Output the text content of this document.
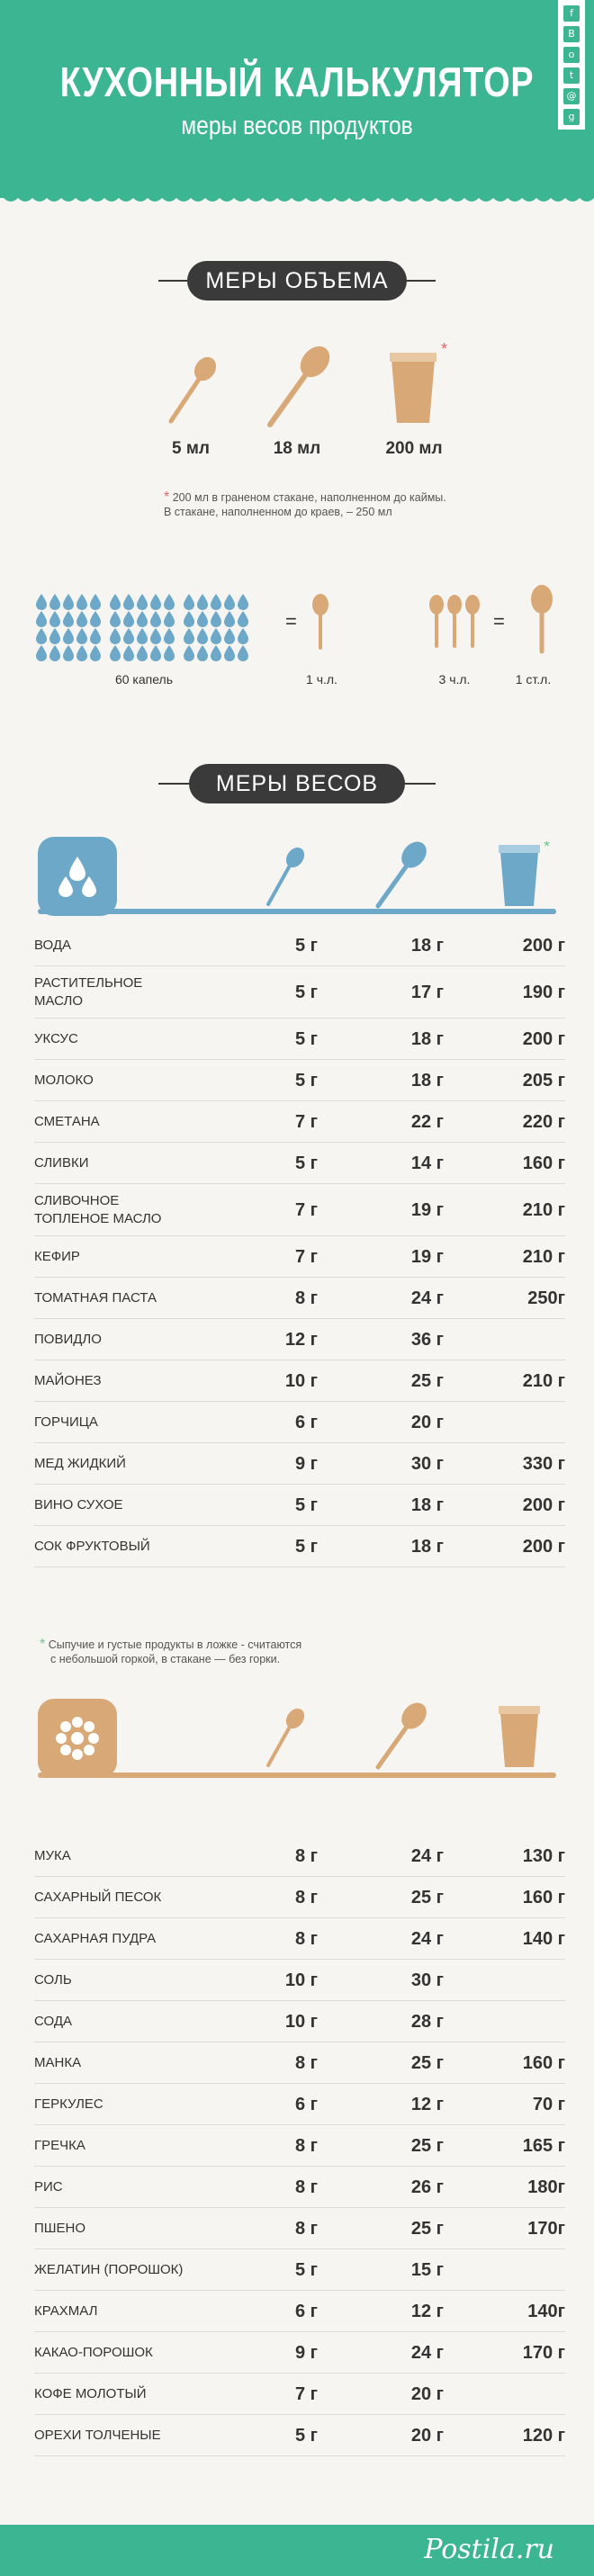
КУХОННЫЙ КАЛЬКУЛЯТОР
меры весов продуктов
f
В
о
t
@
g
МЕРЫ ОБЪЕМА
*
5 мл	18 мл	200 мл
* 200 мл в граненом стакане, наполненном до каймы.
В стакане, наполненном до краев, – 250 мл
=	=
60 капель	1 ч.л.	3 ч.л.	1 ст.л.
МЕРЫ ВЕСОВ
*
ВОДА	5 г	18 г	200 г
РАСТИТЕЛЬНОЕ МАСЛО	5 г	17 г	190 г
УКСУС	5 г	18 г	200 г
МОЛОКО	5 г	18 г	205 г
СМЕТАНА	7 г	22 г	220 г
СЛИВКИ	5 г	14 г	160 г
СЛИВОЧНОЕ ТОПЛЕНОЕ МАСЛО	7 г	19 г	210 г
КЕФИР	7 г	19 г	210 г
ТОМАТНАЯ ПАСТА	8 г	24 г	250г
ПОВИДЛО	12 г	36 г
МАЙОНЕЗ	10 г	25 г	210 г
ГОРЧИЦА	6 г	20 г
МЕД ЖИДКИЙ	9 г	30 г	330 г
ВИНО СУХОЕ	5 г	18 г	200 г
СОК ФРУКТОВЫЙ	5 г	18 г	200 г
* Сыпучие и густые продукты в ложке - считаются
с небольшой горкой, в стакане — без горки.
МУКА	8 г	24 г	130 г
САХАРНЫЙ ПЕСОК	8 г	25 г	160 г
САХАРНАЯ ПУДРА	8 г	24 г	140 г
СОЛЬ	10 г	30 г
СОДА	10 г	28 г
МАНКА	8 г	25 г	160 г
ГЕРКУЛЕС	6 г	12 г	70 г
ГРЕЧКА	8 г	25 г	165 г
РИС	8 г	26 г	180г
ПШЕНО	8 г	25 г	170г
ЖЕЛАТИН (ПОРОШОК)	5 г	15 г
КРАХМАЛ	6 г	12 г	140г
КАКАО-ПОРОШОК	9 г	24 г	170 г
КОФЕ МОЛОТЫЙ	7 г	20 г
ОРЕХИ ТОЛЧЕНЫЕ	5 г	20 г	120 г
Postila.ru
